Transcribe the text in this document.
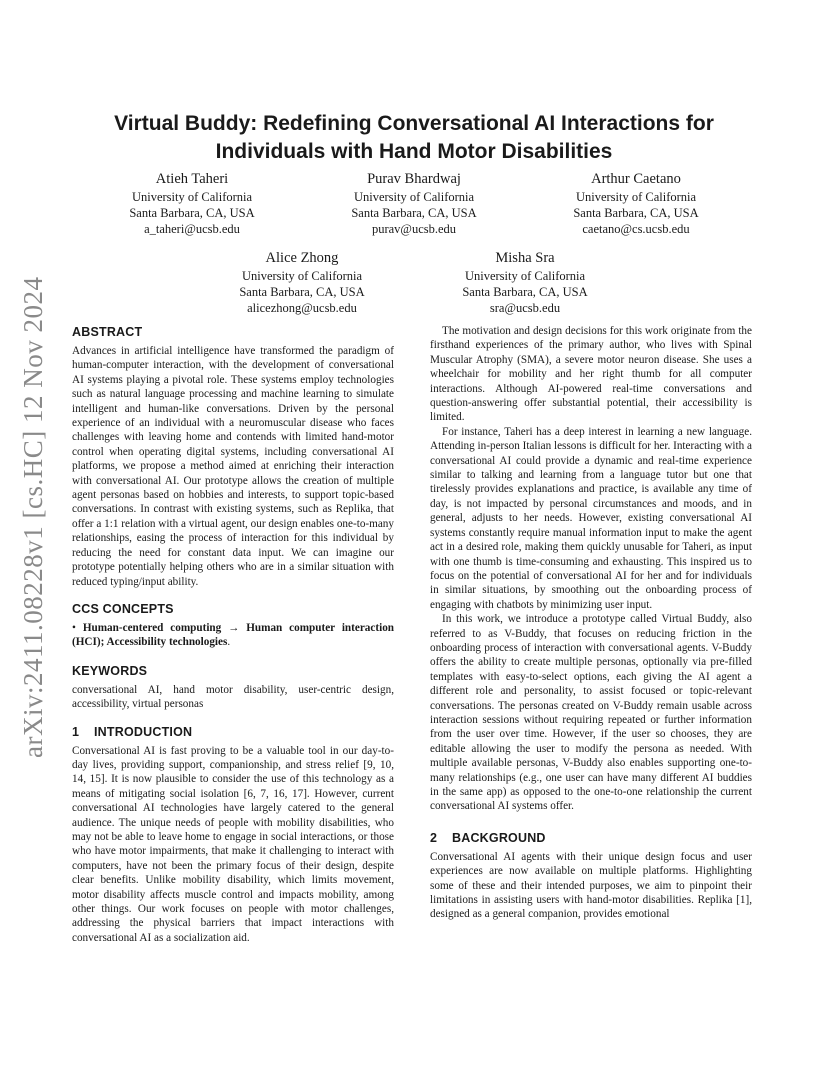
arXiv:2411.08228v1 [cs.HC] 12 Nov 2024
Virtual Buddy: Redefining Conversational AI Interactions for
Individuals with Hand Motor Disabilities
Atieh Taheri
University of California
Santa Barbara, CA, USA
a_taheri@ucsb.edu
Purav Bhardwaj
University of California
Santa Barbara, CA, USA
purav@ucsb.edu
Arthur Caetano
University of California
Santa Barbara, CA, USA
caetano@cs.ucsb.edu
Alice Zhong
University of California
Santa Barbara, CA, USA
alicezhong@ucsb.edu
Misha Sra
University of California
Santa Barbara, CA, USA
sra@ucsb.edu
ABSTRACT

Advances in artificial intelligence have transformed the paradigm of human-computer interaction, with the development of conversational AI systems playing a pivotal role. These systems employ technologies such as natural language processing and machine learning to simulate intelligent and human-like conversations. Driven by the personal experience of an individual with a neuromuscular disease who faces challenges with leaving home and contends with limited hand-motor control when operating digital systems, including conversational AI platforms, we propose a method aimed at enriching their interaction with conversational AI. Our prototype allows the creation of multiple agent personas based on hobbies and interests, to support topic-based conversations. In contrast with existing systems, such as Replika, that offer a 1:1 relation with a virtual agent, our design enables one-to-many relationships, easing the process of interaction for this individual by reducing the need for constant data input. We can imagine our prototype potentially helping others who are in a similar situation with reduced typing/input ability.

CCS CONCEPTS

• Human-centered computing → Human computer interaction (HCI); Accessibility technologies.

KEYWORDS

conversational AI, hand motor disability, user-centric design, accessibility, virtual personas

1 INTRODUCTION

Conversational AI is fast proving to be a valuable tool in our day-to-day lives, providing support, companionship, and stress relief [9, 10, 14, 15]. It is now plausible to consider the use of this technology as a means of mitigating social isolation [6, 7, 16, 17]. However, current conversational AI technologies have largely catered to the general audience. The unique needs of people with mobility disabilities, who may not be able to leave home to engage in social interactions, or those who have motor impairments, that make it challenging to interact with computers, have not been the primary focus of their design, despite clear benefits. Unlike mobility disability, which limits movement, motor disability affects muscle control and impacts mobility, among other things. Our work focuses on people with motor challenges, addressing the physical barriers that impact interactions with conversational AI as a socialization aid.

The motivation and design decisions for this work originate from the firsthand experiences of the primary author, who lives with Spinal Muscular Atrophy (SMA), a severe motor neuron disease. She uses a wheelchair for mobility and her right thumb for all computer interactions. Although AI-powered real-time conversations and question-answering offer substantial potential, their accessibility is limited.

For instance, Taheri has a deep interest in learning a new language. Attending in-person Italian lessons is difficult for her. Interacting with a conversational AI could provide a dynamic and real-time experience similar to talking and learning from a language tutor but one that tirelessly provides explanations and practice, is available any time of day, is not impacted by personal circumstances and moods, and in general, adjusts to her needs. However, existing conversational AI systems constantly require manual information input to make the agent act in a desired role, making them quickly unusable for Taheri, as input with one thumb is time-consuming and exhausting. This inspired us to focus on the potential of conversational AI for her and for individuals in similar situations, by smoothing out the onboarding process of engaging with chatbots by minimizing user input.

In this work, we introduce a prototype called Virtual Buddy, also referred to as V-Buddy, that focuses on reducing friction in the onboarding process of interaction with conversational agents. V-Buddy offers the ability to create multiple personas, optionally via pre-filled templates with easy-to-select options, each giving the AI agent a different role and personality, to assist focused or topic-relevant conversations. The personas created on V-Buddy remain usable across interaction sessions without requiring repeated or further information from the user over time. However, if the user so chooses, they are editable allowing the user to modify the persona as needed. With multiple available personas, V-Buddy also enables supporting one-to-many relationships (e.g., one user can have many different AI buddies in the same app) as opposed to the one-to-one relationship the current conversational AI systems offer.

2 BACKGROUND

Conversational AI agents with their unique design focus and user experiences are now available on multiple platforms. Highlighting some of these and their intended purposes, we aim to pinpoint their limitations in assisting users with hand-motor disabilities. Replika [1], designed as a general companion, provides emotional
